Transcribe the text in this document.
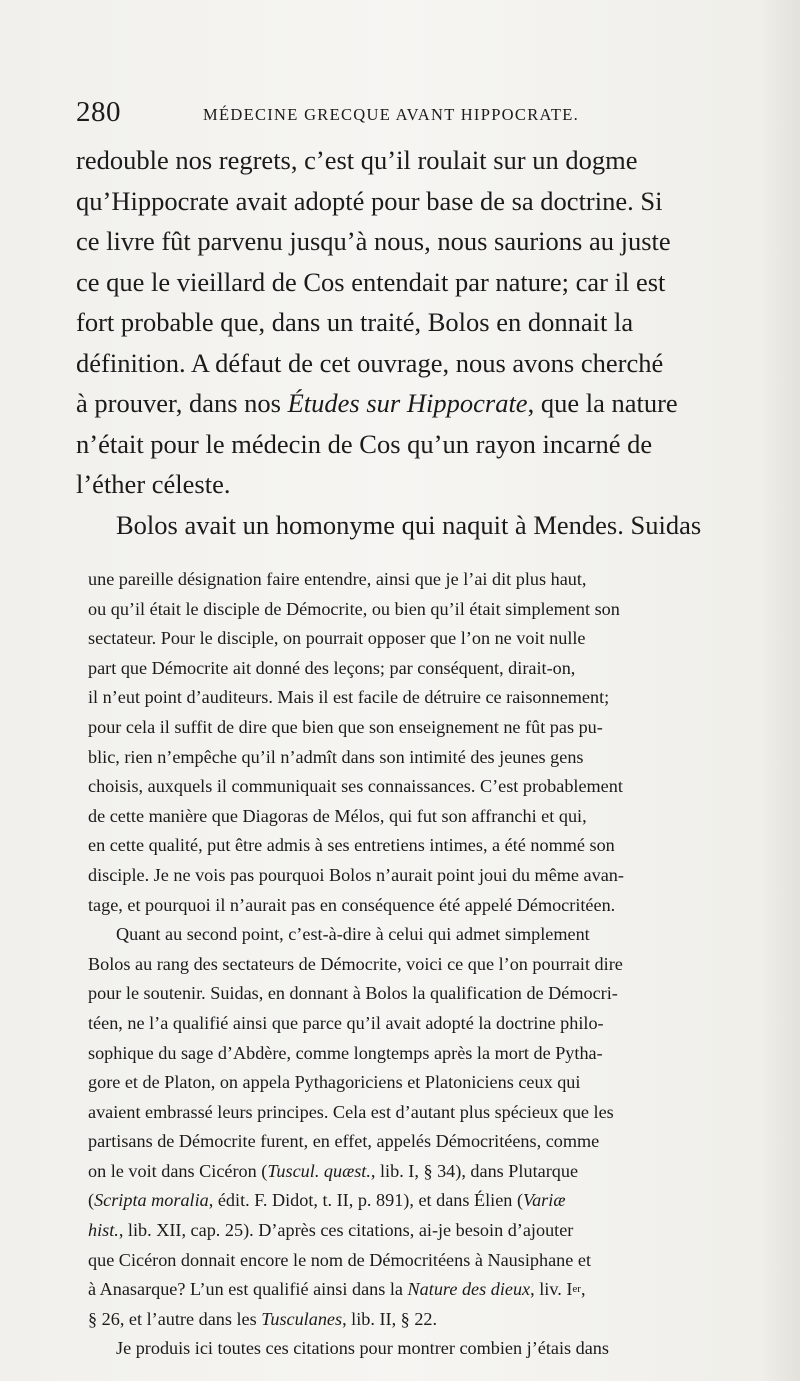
280	MÉDECINE GRECQUE AVANT HIPPOCRATE.
redouble nos regrets, c’est qu’il roulait sur un dogme
qu’Hippocrate avait adopté pour base de sa doctrine. Si
ce livre fût parvenu jusqu’à nous, nous saurions au juste
ce que le vieillard de Cos entendait par nature; car il est
fort probable que, dans un traité, Bolos en donnait la
définition. A défaut de cet ouvrage, nous avons cherché
à prouver, dans nos
Études sur Hippocrate , que la nature
n’était pour le médecin de Cos qu’un rayon incarné de
l’éther céleste.
Bolos avait un homonyme qui naquit à Mendes. Suidas
une pareille désignation faire entendre, ainsi que je l’ai dit plus haut,
ou qu’il était le disciple de Démocrite, ou bien qu’il était simplement son
sectateur. Pour le disciple, on pourrait opposer que l’on ne voit nulle
part que Démocrite ait donné des leçons; par conséquent, dirait-on,
il n’eut point d’auditeurs. Mais il est facile de détruire ce raisonnement;
pour cela il suffit de dire que bien que son enseignement ne fût pas pu-
blic, rien n’empêche qu’il n’admît dans son intimité des jeunes gens
choisis, auxquels il communiquait ses connaissances. C’est probablement
de cette manière que Diagoras de Mélos, qui fut son affranchi et qui,
en cette qualité, put être admis à ses entretiens intimes, a été nommé son
disciple. Je ne vois pas pourquoi Bolos n’aurait point joui du même avan-
tage, et pourquoi il n’aurait pas en conséquence été appelé Démocritéen.
Quant au second point, c’est-à-dire à celui qui admet simplement
Bolos au rang des sectateurs de Démocrite, voici ce que l’on pourrait dire
pour le soutenir. Suidas, en donnant à Bolos la qualification de Démocri-
téen, ne l’a qualifié ainsi que parce qu’il avait adopté la doctrine philo-
sophique du sage d’Abdère, comme longtemps après la mort de Pytha-
gore et de Platon, on appela Pythagoriciens et Platoniciens ceux qui
avaient embrassé leurs principes. Cela est d’autant plus spécieux que les
partisans de Démocrite furent, en effet, appelés Démocritéens, comme
on le voit dans Cicéron ( Tuscul. quæst. , lib. I, § 34), dans Plutarque
( Scripta moralia , édit. F. Didot, t. II, p. 891), et dans Élien ( Variæ
hist. , lib. XII, cap. 25). D’après ces citations, ai-je besoin d’ajouter
que Cicéron donnait encore le nom de Démocritéens à Nausiphane et
à Anasarque? L’un est qualifié ainsi dans la
Nature des dieux , liv. I er ,
§ 26, et l’autre dans les
Tusculanes , lib. II, § 22.
Je produis ici toutes ces citations pour montrer combien j’étais dans
